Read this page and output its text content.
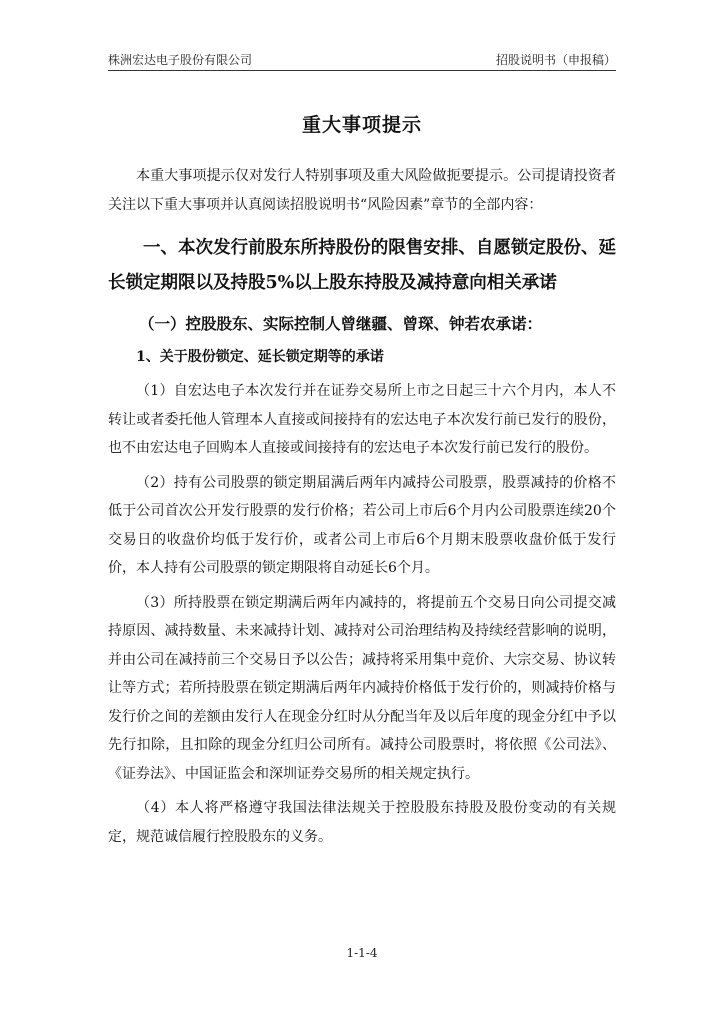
株洲宏达电子股份有限公司	招股说明书（申报稿）
重大事项提示

本重大事项提示仅对发行人特别事项及重大风险做扼要提示。公司提请投资者关注以下重大事项并认真阅读招股说明书“风险因素”章节的全部内容：

一、本次发行前股东所持股份的限售安排、自愿锁定股份、延长锁定期限以及持股5%以上股东持股及减持意向相关承诺
（一）控股股东、实际控制人曾继疆、曾琛、钟若农承诺：
1、关于股份锁定、延长锁定期等的承诺

（1）自宏达电子本次发行并在证券交易所上市之日起三十六个月内，本人不转让或者委托他人管理本人直接或间接持有的宏达电子本次发行前已发行的股份，也不由宏达电子回购本人直接或间接持有的宏达电子本次发行前已发行的股份。

（2）持有公司股票的锁定期届满后两年内减持公司股票，股票减持的价格不低于公司首次公开发行股票的发行价格；若公司上市后6个月内公司股票连续20个交易日的收盘价均低于发行价，或者公司上市后6个月期末股票收盘价低于发行价，本人持有公司股票的锁定期限将自动延长6个月。

（3）所持股票在锁定期满后两年内减持的，将提前五个交易日向公司提交减持原因、减持数量、未来减持计划、减持对公司治理结构及持续经营影响的说明，并由公司在减持前三个交易日予以公告；减持将采用集中竞价、大宗交易、协议转让等方式；若所持股票在锁定期满后两年内减持价格低于发行价的，则减持价格与发行价之间的差额由发行人在现金分红时从分配当年及以后年度的现金分红中予以先行扣除，且扣除的现金分红归公司所有。减持公司股票时，将依照《公司法》、《证券法》、中国证监会和深圳证券交易所的相关规定执行。

（4）本人将严格遵守我国法律法规关于控股股东持股及股份变动的有关规定，规范诚信履行控股股东的义务。

1-1-4
